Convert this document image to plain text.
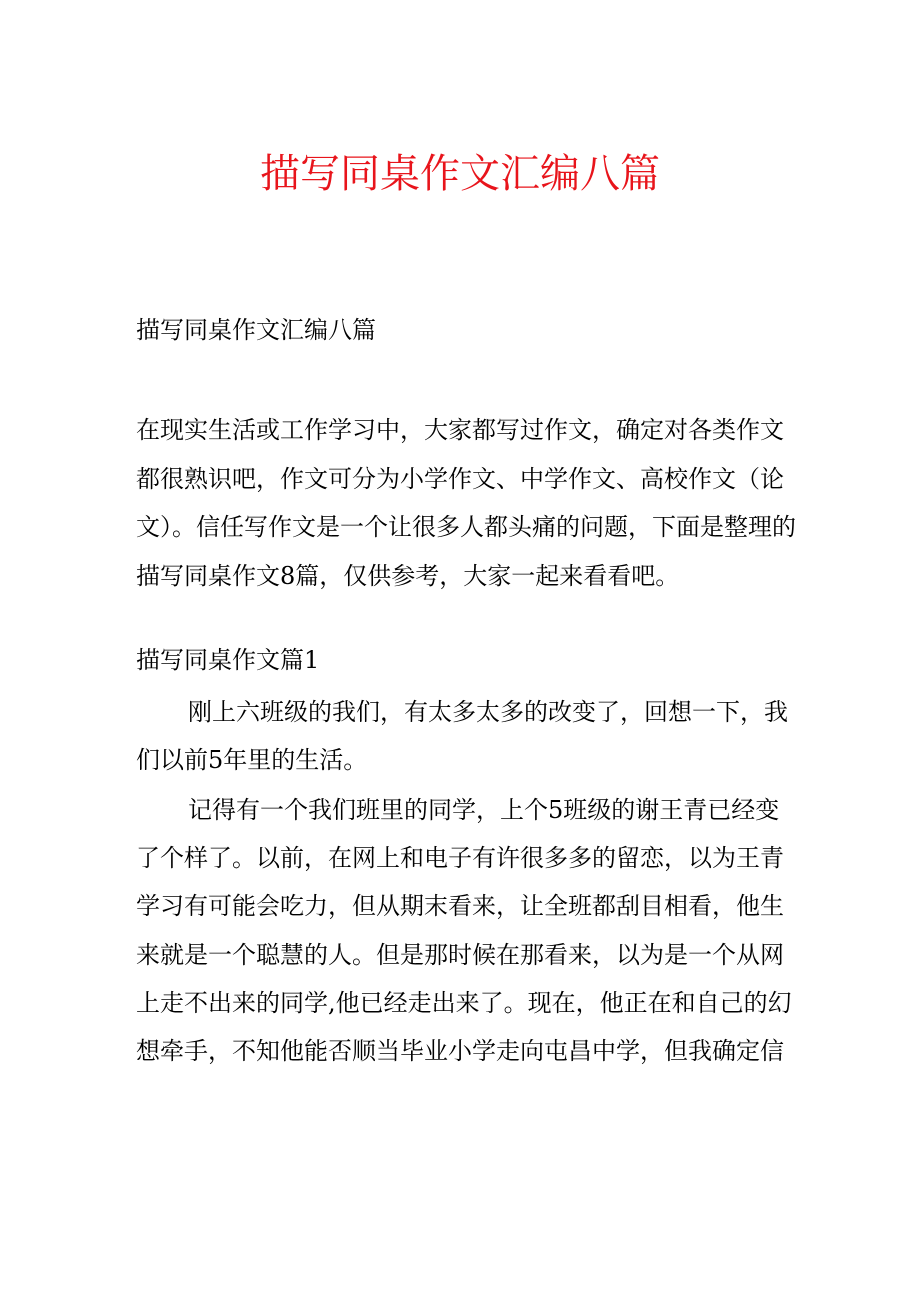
描写同桌作文汇编八篇

描写同桌作文汇编八篇

在现实生活或工作学习中，大家都写过作文，确定对各类作文都很熟识吧，作文可分为小学作文、中学作文、高校作文（论文）。信任写作文是一个让很多人都头痛的问题，下面是整理的描写同桌作文8篇，仅供参考，大家一起来看看吧。

描写同桌作文篇1

刚上六班级的我们，有太多太多的改变了，回想一下，我们以前5年里的生活。

记得有一个我们班里的同学，上个5班级的谢王青已经变了个样了。以前，在网上和电子有许很多多的留恋，以为王青学习有可能会吃力，但从期末看来，让全班都刮目相看，他生来就是一个聪慧的人。但是那时候在那看来，以为是一个从网上走不出来的同学,他已经走出来了。现在，他正在和自己的幻想牵手，不知他能否顺当毕业小学走向屯昌中学，但我确定信
